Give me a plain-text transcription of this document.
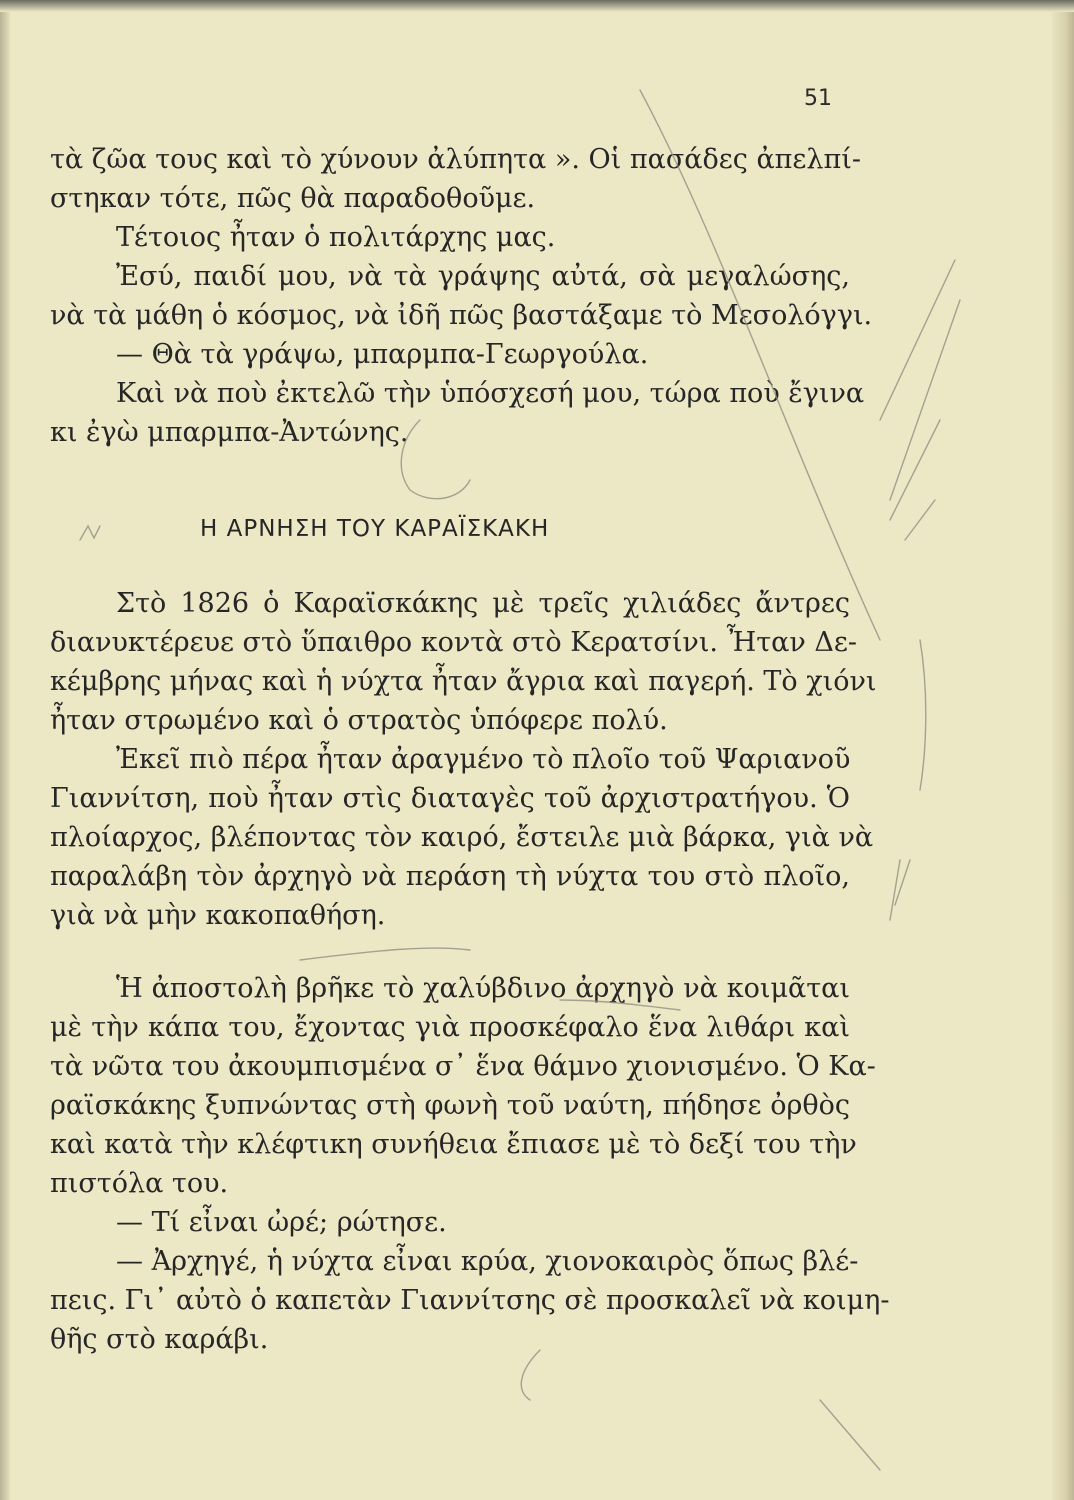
51
τὰ ζῶα τους καὶ τὸ χύνουν ἀλύπητα ». Οἱ πασάδες ἀπελπί-
στηκαν τότε, πῶς θὰ παραδοθοῦμε.
Τέτοιος ἦταν ὁ πολιτάρχης μας.
Ἐσύ, παιδί μου, νὰ τὰ γράψης αὐτά, σὰ μεγαλώσης,
νὰ τὰ μάθη ὁ κόσμος, νὰ ἰδῆ πῶς βαστάξαμε τὸ Μεσολόγγι.
— Θὰ τὰ γράψω, μπαρμπα-Γεωργούλα.
Καὶ νὰ ποὺ ἐκτελῶ τὴν ὑπόσχεσή μου, τώρα ποὺ ἔγινα
κι ἐγὼ μπαρμπα-Ἀντώνης.
Η ΑΡΝΗΣΗ ΤΟΥ ΚΑΡΑΪΣΚΑΚΗ
Στὸ 1826 ὁ Καραϊσκάκης μὲ τρεῖς χιλιάδες ἄντρες
διανυκτέρευε στὸ ὕπαιθρο κοντὰ στὸ Κερατσίνι. Ἦταν Δε-
κέμβρης μήνας καὶ ἡ νύχτα ἦταν ἄγρια καὶ παγερή. Τὸ χιόνι
ἦταν στρωμένο καὶ ὁ στρατὸς ὑπόφερε πολύ.
Ἐκεῖ πιὸ πέρα ἦταν ἀραγμένο τὸ πλοῖο τοῦ Ψαριανοῦ
Γιαννίτση, ποὺ ἦταν στὶς διαταγὲς τοῦ ἀρχιστρατήγου. Ὁ
πλοίαρχος, βλέποντας τὸν καιρό, ἔστειλε μιὰ βάρκα, γιὰ νὰ
παραλάβη τὸν ἀρχηγὸ νὰ περάση τὴ νύχτα του στὸ πλοῖο,
γιὰ νὰ μὴν κακοπαθήση.
Ἡ ἀποστολὴ βρῆκε τὸ χαλύβδινο ἀρχηγὸ νὰ κοιμᾶται
μὲ τὴν κάπα του, ἔχοντας γιὰ προσκέφαλο ἕνα λιθάρι καὶ
τὰ νῶτα του ἀκουμπισμένα σ᾽ ἕνα θάμνο χιονισμένο. Ὁ Κα-
ραϊσκάκης ξυπνώντας στὴ φωνὴ τοῦ ναύτη, πήδησε ὀρθὸς
καὶ κατὰ τὴν κλέφτικη συνήθεια ἔπιασε μὲ τὸ δεξί του τὴν
πιστόλα του.
— Τί εἶναι ὠρέ; ρώτησε.
— Ἀρχηγέ, ἡ νύχτα εἶναι κρύα, χιονοκαιρὸς ὅπως βλέ-
πεις. Γι᾽ αὐτὸ ὁ καπετὰν Γιαννίτσης σὲ προσκαλεῖ νὰ κοιμη-
θῆς στὸ καράβι.
